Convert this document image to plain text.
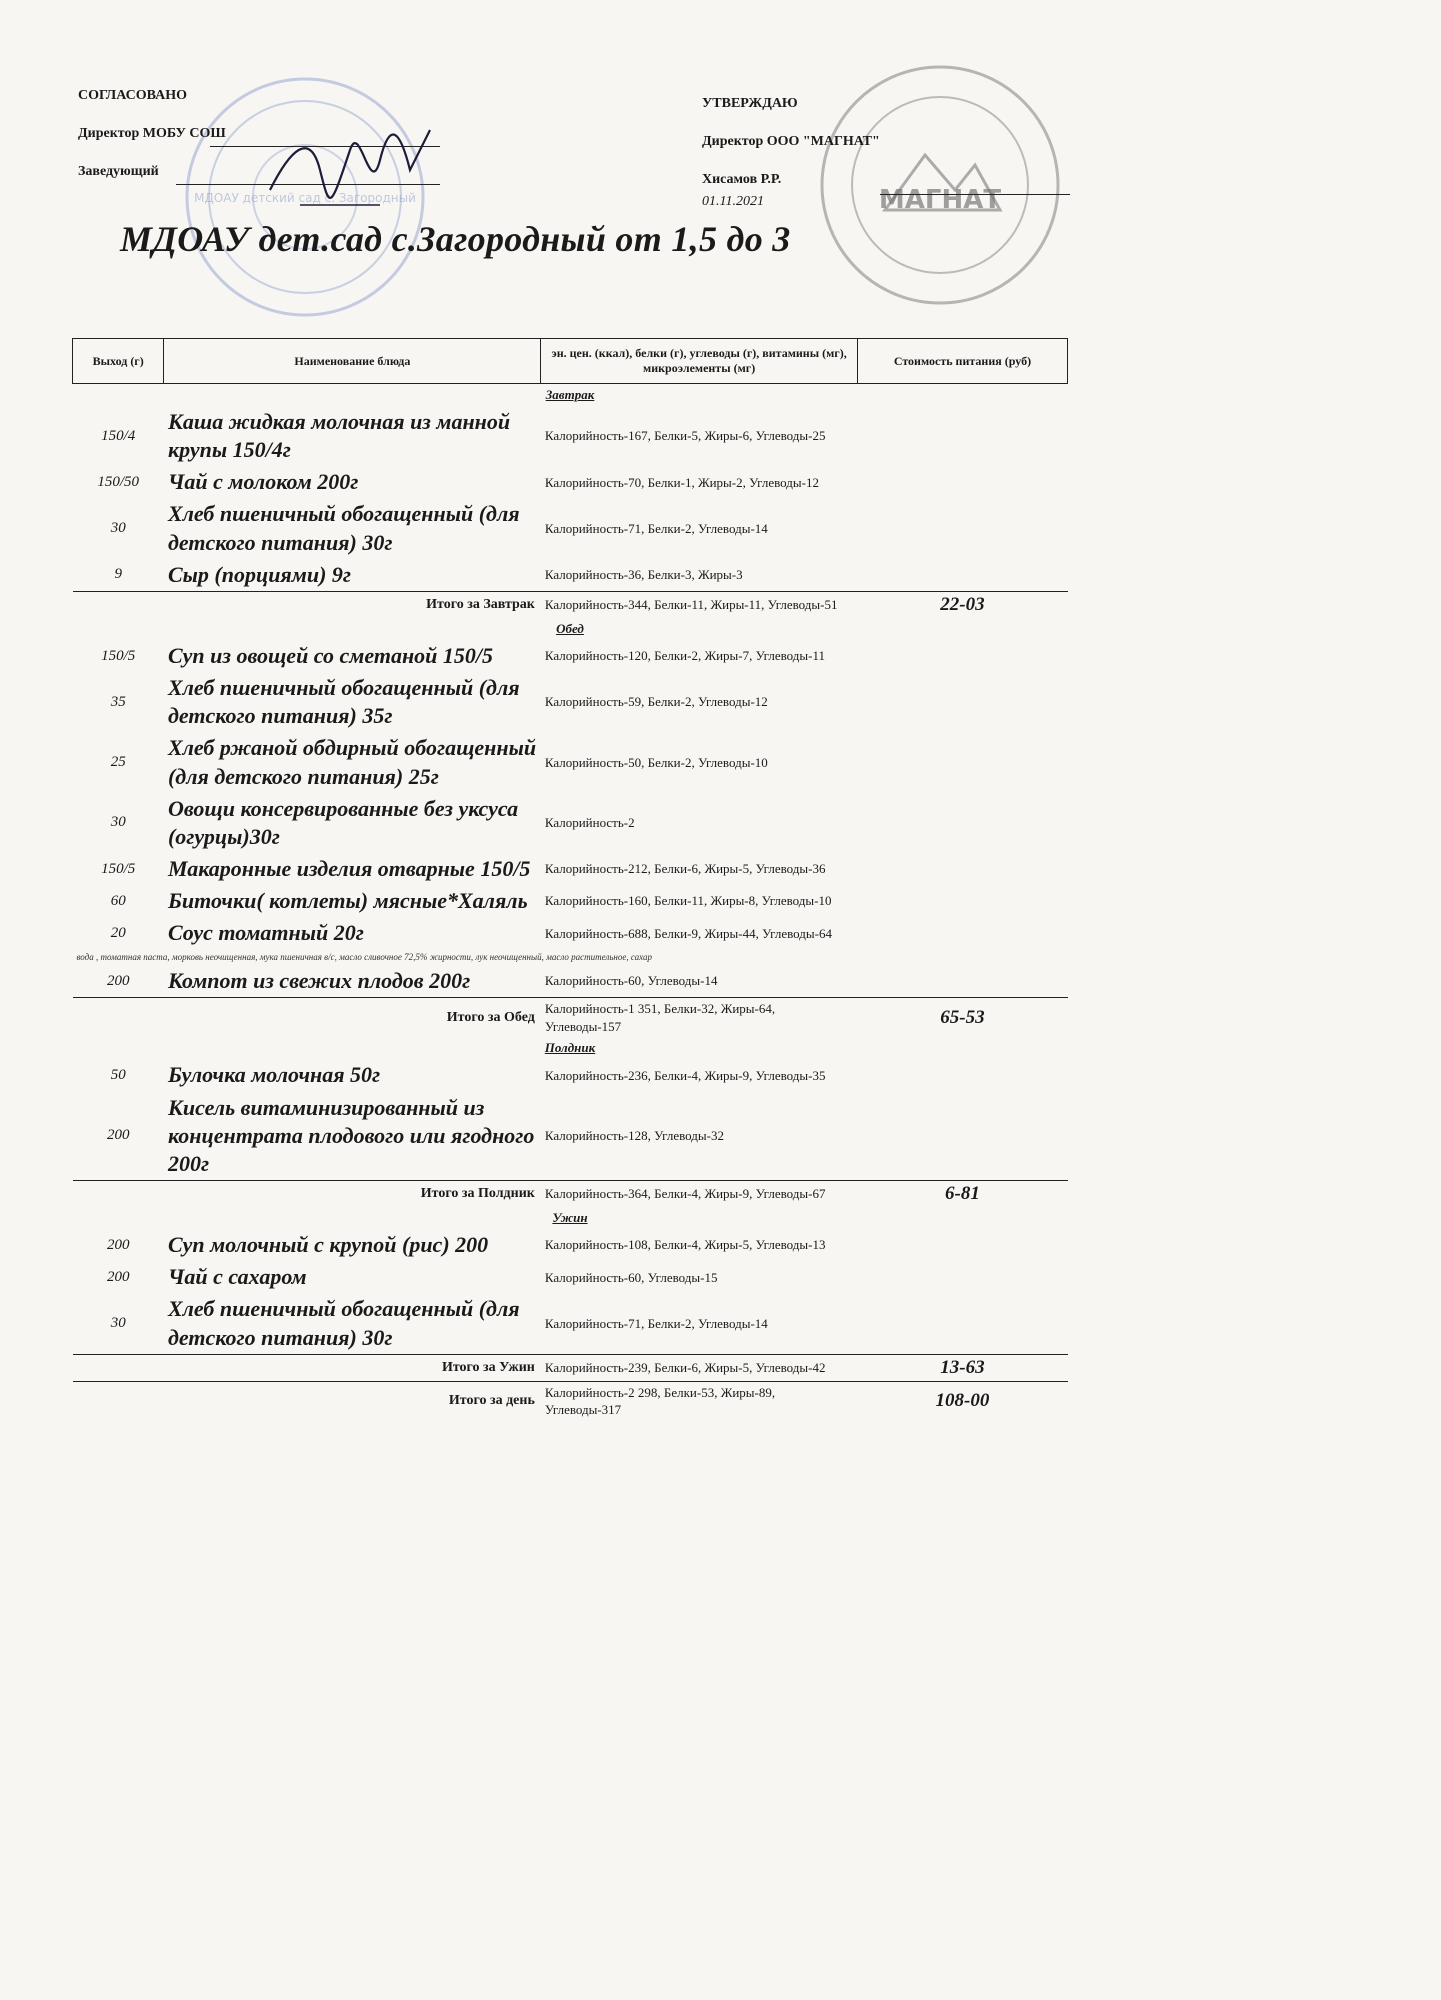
МДОАУ детский сад с. Загородный	МАГНАТ
СОГЛАСОВАНО
Директор МОБУ СОШ
Заведующий
УТВЕРЖДАЮ
Директор ООО "МАГНАТ"
Хисамов Р.Р.
01.11.2021
МДОАУ дет.сад с.Загородный от 1,5 до 3
Выход (г)	Наименование блюда	эн. цен. (ккал), белки (г), углеводы (г), витамины (мг), микроэлементы (мг)	Стоимость питания (руб)
Завтрак			
150/4	Каша жидкая молочная из манной крупы 150/4г	Калорийность-167, Белки-5, Жиры-6, Углеводы-25	
150/50	Чай с молоком 200г	Калорийность-70, Белки-1, Жиры-2, Углеводы-12	
30	Хлеб пшеничный обогащенный (для детского питания) 30г	Калорийность-71, Белки-2, Углеводы-14	
9	Сыр (порциями) 9г	Калорийность-36, Белки-3, Жиры-3	
Итого за Завтрак		Калорийность-344, Белки-11, Жиры-11, Углеводы-51	22-03
Обед			
150/5	Суп из овощей со сметаной 150/5	Калорийность-120, Белки-2, Жиры-7, Углеводы-11	
35	Хлеб пшеничный обогащенный (для детского питания) 35г	Калорийность-59, Белки-2, Углеводы-12	
25	Хлеб ржаной обдирный обогащенный (для детского питания) 25г	Калорийность-50, Белки-2, Углеводы-10	
30	Овощи консервированные без уксуса (огурцы)30г	Калорийность-2	
150/5	Макаронные изделия отварные 150/5	Калорийность-212, Белки-6, Жиры-5, Углеводы-36	
60	Биточки( котлеты) мясные*Халяль	Калорийность-160, Белки-11, Жиры-8, Углеводы-10	
20	Соус томатный 20г	Калорийность-688, Белки-9, Жиры-44, Углеводы-64	
вода , томатная паста, морковь неочищенная, мука пшеничная в/с, масло сливочное 72,5% жирности, лук неочищенный, масло растительное, сахар			
200	Компот из свежих плодов 200г	Калорийность-60, Углеводы-14	
Итого за Обед		Калорийность-1 351, Белки-32, Жиры-64, Углеводы-157	65-53
Полдник			
50	Булочка молочная 50г	Калорийность-236, Белки-4, Жиры-9, Углеводы-35	
200	Кисель витаминизированный из концентрата плодового или ягодного 200г	Калорийность-128, Углеводы-32	
Итого за Полдник		Калорийность-364, Белки-4, Жиры-9, Углеводы-67	6-81
Ужин			
200	Суп молочный с крупой (рис) 200	Калорийность-108, Белки-4, Жиры-5, Углеводы-13	
200	Чай с сахаром	Калорийность-60, Углеводы-15	
30	Хлеб пшеничный обогащенный (для детского питания) 30г	Калорийность-71, Белки-2, Углеводы-14	
Итого за Ужин		Калорийность-239, Белки-6, Жиры-5, Углеводы-42	13-63
Итого за день		Калорийность-2 298, Белки-53, Жиры-89, Углеводы-317	108-00
